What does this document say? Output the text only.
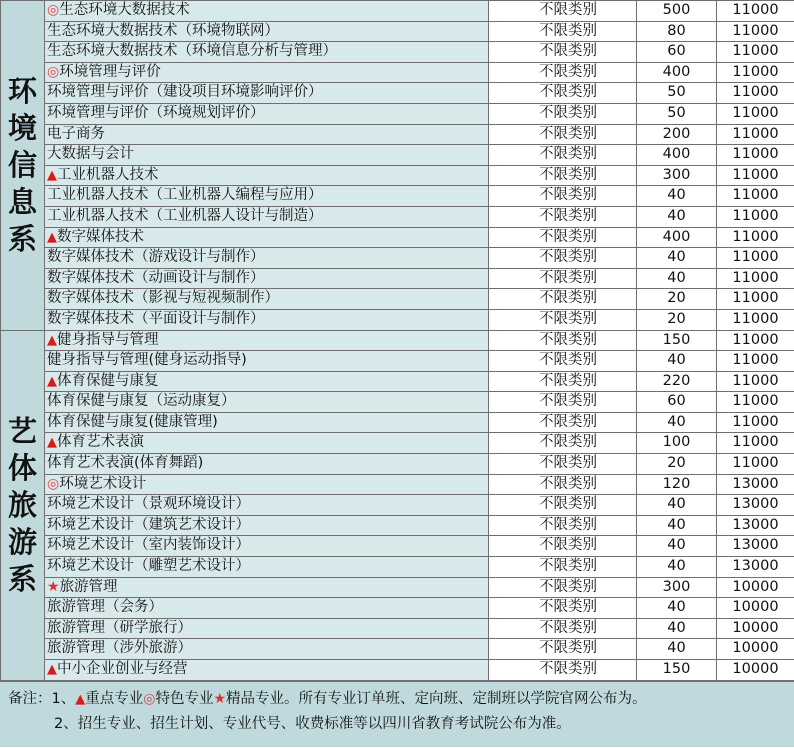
环境信息系	◎生态环境大数据技术	不限类别	500	11000
	生态环境大数据技术（环境物联网）	不限类别	80	11000
	生态环境大数据技术（环境信息分析与管理）	不限类别	60	11000
	◎环境管理与评价	不限类别	400	11000
	环境管理与评价（建设项目环境影响评价）	不限类别	50	11000
	环境管理与评价（环境规划评价）	不限类别	50	11000
	电子商务	不限类别	200	11000
	大数据与会计	不限类别	400	11000
	▲工业机器人技术	不限类别	300	11000
	工业机器人技术（工业机器人编程与应用）	不限类别	40	11000
	工业机器人技术（工业机器人设计与制造）	不限类别	40	11000
	▲数字媒体技术	不限类别	400	11000
	数字媒体技术（游戏设计与制作）	不限类别	40	11000
	数字媒体技术（动画设计与制作）	不限类别	40	11000
	数字媒体技术（影视与短视频制作）	不限类别	20	11000
	数字媒体技术（平面设计与制作）	不限类别	20	11000
艺体旅游系	▲健身指导与管理	不限类别	150	11000
	健身指导与管理(健身运动指导)	不限类别	40	11000
	▲体育保健与康复	不限类别	220	11000
	体育保健与康复（运动康复）	不限类别	60	11000
	体育保健与康复(健康管理)	不限类别	40	11000
	▲体育艺术表演	不限类别	100	11000
	体育艺术表演(体育舞蹈)	不限类别	20	11000
	◎环境艺术设计	不限类别	120	13000
	环境艺术设计（景观环境设计）	不限类别	40	13000
	环境艺术设计（建筑艺术设计）	不限类别	40	13000
	环境艺术设计（室内装饰设计）	不限类别	40	13000
	环境艺术设计（雕塑艺术设计）	不限类别	40	13000
	★旅游管理	不限类别	300	10000
	旅游管理（会务）	不限类别	40	10000
	旅游管理（研学旅行）	不限类别	40	10000
	旅游管理（涉外旅游）	不限类别	40	10000
	▲中小企业创业与经营	不限类别	150	10000
备注：1、▲重点专业◎特色专业★精品专业。所有专业订单班、定向班、定制班以学院官网公布为。
2、招生专业、招生计划、专业代号、收费标准等以四川省教育考试院公布为准。
